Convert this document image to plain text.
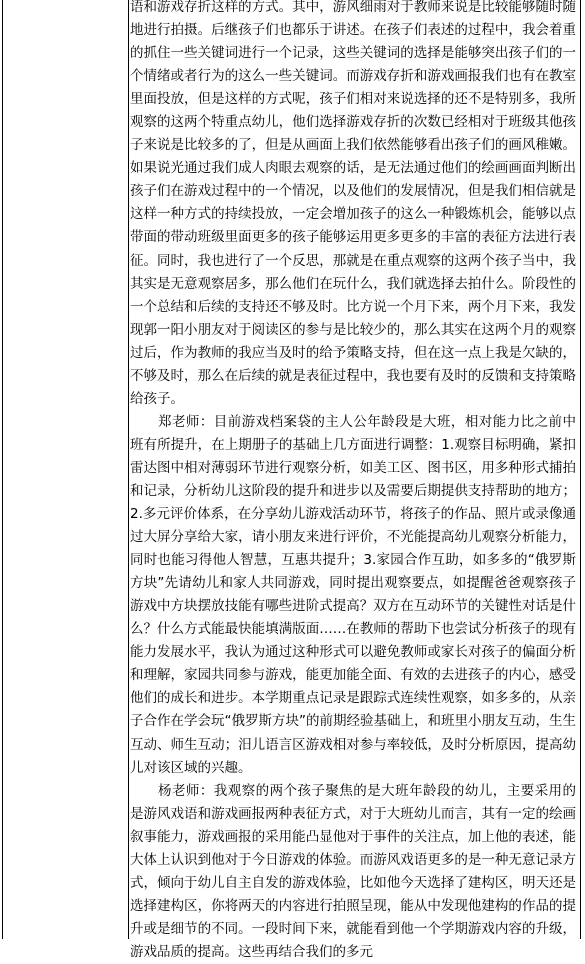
语和游戏存折这样的方式。其中，游风细雨对于教师来说是比较能够随时随地进行拍摄。后继孩子们也都乐于讲述。在孩子们表述的过程中，我会着重的抓住一些关键词进行一个记录，这些关键词的选择是能够突出孩子们的一个情绪或者行为的这么一些关键词。而游戏存折和游戏画报我们也有在教室里面投放，但是这样的方式呢，孩子们相对来说选择的还不是特别多，我所观察的这两个特重点幼儿，他们选择游戏存折的次数已经相对于班级其他孩子来说是比较多的了，但是从画面上我们依然能够看出孩子们的画风稚嫩。如果说光通过我们成人肉眼去观察的话，是无法通过他们的绘画画面判断出孩子们在游戏过程中的一个情况，以及他们的发展情况，但是我们相信就是这样一种方式的持续投放，一定会增加孩子的这么一种锻炼机会，能够以点带面的带动班级里面更多的孩子能够运用更多更多的丰富的表征方法进行表征。同时，我也进行了一个反思，那就是在重点观察的这两个孩子当中，我其实是无意观察居多，那么他们在玩什么，我们就选择去拍什么。阶段性的一个总结和后续的支持还不够及时。比方说一个月下来，两个月下来，我发现郭一阳小朋友对于阅读区的参与是比较少的，那么其实在这两个月的观察过后，作为教师的我应当及时的给予策略支持，但在这一点上我是欠缺的，不够及时，那么在后续的就是表征过程中，我也要有及时的反馈和支持策略给孩子。

郑老师：目前游戏档案袋的主人公年龄段是大班，相对能力比之前中班有所提升，在上期册子的基础上几方面进行调整：1.观察目标明确，紧扣雷达图中相对薄弱环节进行观察分析，如美工区、图书区，用多种形式捕拍和记录，分析幼儿这阶段的提升和进步以及需要后期提供支持帮助的地方；2.多元评价体系，在分享幼儿游戏活动环节，将孩子的作品、照片或录像通过大屏分享给大家，请小朋友来进行评价，不光能提高幼儿观察分析能力，同时也能习得他人智慧，互惠共提升；3.家园合作互助，如多多的“俄罗斯方块”先请幼儿和家人共同游戏，同时提出观察要点，如提醒爸爸观察孩子游戏中方块摆放技能有哪些进阶式提高？双方在互动环节的关键性对话是什么？什么方式能最快能填满版面……在教师的帮助下也尝试分析孩子的现有能力发展水平，我认为通过这种形式可以避免教师或家长对孩子的偏面分析和理解，家园共同参与游戏，能更加能全面、有效的去进孩子的内心，感受他们的成长和进步。本学期重点记录是跟踪式连续性观察，如多多的，从亲子合作在学会玩“俄罗斯方块”的前期经验基础上，和班里小朋友互动，生生互动、师生互动；汨儿语言区游戏相对参与率较低，及时分析原因，提高幼儿对该区域的兴趣。

杨老师：我观察的两个孩子聚焦的是大班年龄段的幼儿，主要采用的是游风戏语和游戏画报两种表征方式，对于大班幼儿而言，其有一定的绘画叙事能力，游戏画报的采用能凸显他对于事件的关注点，加上他的表述，能大体上认识到他对于今日游戏的体验。而游风戏语更多的是一种无意记录方式，倾向于幼儿自主自发的游戏体验，比如他今天选择了建构区，明天还是选择建构区，你将两天的内容进行拍照呈现，能从中发现他建构的作品的提升或是细节的不同。一段时间下来，就能看到他一个学期游戏内容的升级，游戏品质的提高。这些再结合我们的多元
